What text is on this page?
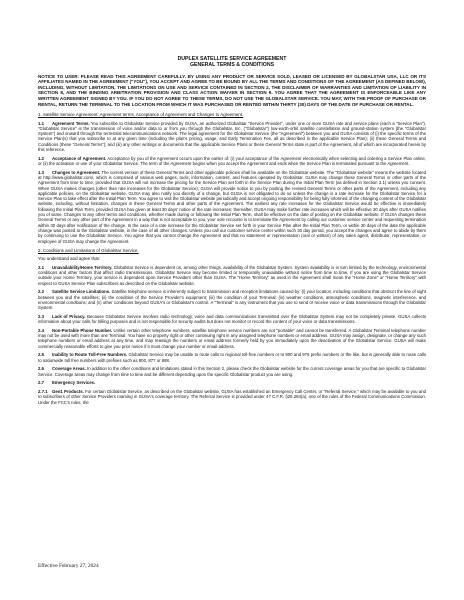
DUPLEX SATELLITE SERVICE AGREEMENT
GENERAL TERMS & CONDITIONS

NOTICE TO USER: PLEASE READ THIS AGREEMENT CAREFULLY. BY USING ANY PRODUCT OR SERVICE SOLD, LEASED OR LICENSED BY GLOBALSTAR USA, LLC OR ITS AFFILIATES NAMED IN THE AGREEMENT ("YOU"), YOU ACCEPT AND AGREE TO BE BOUND BY ALL THE TERMS AND CONDITIONS OF THE AGREEMENT (AS DEFINED BELOW), INCLUDING, WITHOUT LIMITATION, THE LIMITATIONS ON USE AND SERVICE CONTAINED IN SECTION 2, THE DISCLAIMER OF WARRANTIES AND LIMITATION OF LIABILITY IN SECTION 8, AND THE BINDING ARBITRATION PROVISION AND CLASS ACTION WAIVER IN SECTION 9. YOU AGREE THAT THE AGREEMENT IS ENFORCEABLE LIKE ANY WRITTEN AGREEMENT SIGNED BY YOU. IF YOU DO NOT AGREE TO THESE TERMS, DO NOT USE THE GLOBALSTAR SERVICE. YOU MAY, WITH THE PROOF OF PURCHASE OR RENTAL, RETURN THE TERMINAL TO THE LOCATION FROM WHICH IT WAS PURCHASED OR RENTED WITHIN THIRTY (30) DAYS OF THE DATE OF PURCHASE OR RENTAL.

1. Satellite Service Agreement: Agreement terms, Acceptance of Agreement and Changes to Agreement.

1.1 Agreement Terms. You subscribe to Globalstar Service provided by GUSA, an authorized Globalstar "Service Provider", under one or more GUSA rate and service plans (each a "Service Plan"). "Globalstar Service" is the transmission of voice and/or data to or from you through the Globalstar, Inc. ("Globalstar") low-earth-orbit satellite constellation and ground-station system (the "Globalstar System") and onward through the terrestrial telecommunications network. The legal agreement for the Globalstar Service (the "Agreement") between you and GUSA consists of (i) the specific terms of the Service Plan(s) that you subscribe to at any given time (including the plan's pricing, usage, and Early Termination Fee, all as described in the applicable Service Plan); (ii) these General Terms and Conditions (these "General Terms"); and (iii) any other writings or documents that the applicable Service Plans or these General Terms state is part of the Agreement, all of which are incorporated herein by this reference.

1.2 Acceptance of Agreement. Acceptance by you of the Agreement occurs upon the earlier of: (i) your acceptance of the Agreement electronically when selecting and ordering a Service Plan online, or (ii) the activation or use of your Globalstar Service. The term of the Agreement begins when you accept the Agreement and ends when the Service Plan is terminated pursuant to the Agreement.

1.3 Changes to Agreement. The current version of these General Terms and other applicable policies shall be available on the Globalstar website. The "Globalstar website" means the website located at http://www.globalstar.com/, which is comprised of various web pages, tools, information, content, and features operated by Globalstar. GUSA may change these General Terms or other parts of the Agreement from time to time, provided that GUSA will not increase the pricing for the Service Plan set forth in the Service Plan during the Initial Plan Term (as defined in Section 3.1) unless you consent. When GUSA makes changes (other than rate increases for the Globalstar Service), GUSA will provide notice to you by posting the revised General Terms or other parts of the Agreement, including any applicable policies, on the Globalstar website. GUSA may also notify you directly of a change, but GUSA is not obligated to do so unless the change is a rate increase for the Globalstar Service for a Service Plan to take effect after the Initial Plan Term. You agree to visit the Globalstar website periodically and accept ongoing responsibility for being fully informed of the changing content of the Globalstar website, including, without limitation, changes in these General Terms and other parts of the Agreement. The earliest any rate increases for the Globalstar Service would be effective is immediately following the Initial Plan Term, provided GUSA has given at least 30 days' notice of the rate increases; thereafter, GUSA may make further rate increases which will be effective 30 days after GUSA notifies you of same. Changes to any other terms and conditions, whether made during or following the Initial Plan Term, shall be effective on the date of posting on the Globalstar website. If GUSA changes these General Terms or any other part of the Agreement in a way that is not acceptable to you, your sole recourse is to terminate the Agreement by calling our customer service center and requesting termination within 30 days after notification of the change. In the case of a rate increase for the Globalstar Service set forth in your Service Plan after the Initial Plan Term, or within 30 days of the date the applicable change was posted to the Globalstar website, in the case of all other changes. Unless you call our customer service center within such 30 day period, you accept the changes and agree to abide by them by continuing to use the Globalstar Service. You agree that you cannot change the Agreement and that no statement or representation (oral or written) of any sales agent, distributor, representative, or employee of GUSA may change the Agreement.

2. Conditions and Limitations of Globalstar Service.
You understand and agree that:

2.1 Unavailability/Home Territory. Globalstar Service is dependent on, among other things, availability of the Globalstar System. System availability is in turn limited by the technology, environmental conditions and other factors that affect radio transmissions. Globalstar Service may become limited or temporarily unavailable without notice from time to time. If you are using the Globalstar Service outside your Home Territory, your service is dependent upon Service Providers other than GUSA. The "Home Territory" as used in the Agreement shall mean the "Home Zone" or "Home Territory" with respect to GUSA Service Plan subscribers as described on the Globalstar website.

2.2 Satellite Service Limitations. Satellite telephone service is inherently subject to transmission and reception limitations caused by: (i) your location, including conditions that obstruct the line of sight between you and the satellites; (ii) the condition of the Service Provider's equipment; (iii) the condition of your Terminal; (iv) weather conditions, atmospheric conditions, magnetic interference, and environmental conditions; and (v) other conditions beyond GUSA's or Globalstar's control. A "Terminal" is any instrument that you use to send or receive voice or data transmissions through the Globalstar System.

2.3 Lack of Privacy. Because Globalstar Service involves radio technology, voice and data communications transmitted over the Globalstar System may not be completely private. GUSA collects information about your calls for billing purposes and is not responsible for security audits but does not monitor or record the content of your voice or data transmissions.

2.4 Non-Portable Phone Number. Unlike certain other telephone numbers, satellite telephone service numbers are not "portable" and cannot be transferred. A Globalstar Terminal telephone number may not be used with more than one Terminal. You have no property right or other continuing right in any assigned telephone numbers or email address. GUSA may assign, designate, or change any such telephone numbers or email address at any time, and may reassign the numbers or email address formerly held by you immediately upon the deactivation of the Globalstar Service. GUSA will make commercially reasonable efforts to give you prior notice if it must change your number or email address.

2.5 Inability to Route Toll-Free Numbers. Globalstar Service may be unable to route calls to regional toll-free numbers or to 900 and 976 prefix numbers or the like, but is generally able to route calls to nationwide toll free numbers with prefixes such as 800, 877 or 888.

2.6 Coverage Areas. In addition to the other conditions and limitations stated in this Section 2, please check the Globalstar website for the current coverage areas for you that are specific to Globalstar Service. Coverage areas may change from time to time and be different depending upon the specific Globalstar product you are using.

2.7 Emergency Services.

2.7.1 Gen1 Products. For certain Globalstar Service, as described on the Globalstar website, GUSA has established an Emergency Call Center, or "Referral Service," which may be available to you and to subscribers of other Service Providers roaming in GUSA's coverage territory. The Referral Service is provided under 47 C.F.R. §25.284(a), one of the rules of the Federal Communications Commission. Under the FCC's rules, the

Effective February 27, 2024
